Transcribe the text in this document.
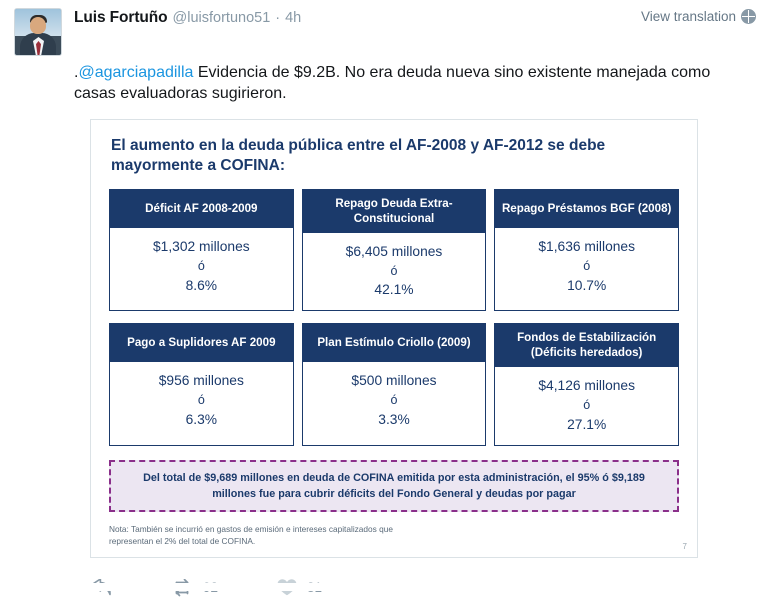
View translation
Luis Fortuño @luisfortuno51 · 4h
.@agarciapadilla Evidencia de $9.2B. No era deuda nueva sino existente manejada como casas evaluadoras sugirieron.
El aumento en la deuda pública entre el AF-2008 y AF-2012 se debe mayormente a COFINA:
Déficit AF 2008-2009
$1,302 millones
ó
8.6%
Repago Deuda Extra-Constitucional
$6,405 millones
ó
42.1%
Repago Préstamos BGF (2008)
$1,636 millones
ó
10.7%
Pago a Suplidores AF 2009
$956 millones
ó
6.3%
Plan Estímulo Criollo (2009)
$500 millones
ó
3.3%
Fondos de Estabilización (Déficits heredados)
$4,126 millones
ó
27.1%
Del total de $9,689 millones en deuda de COFINA emitida por esta administración, el 95% ó $9,189 millones fue para cubrir déficits del Fondo General y deudas por pagar
Nota: También se incurrió en gastos de emisión e intereses capitalizados que representan el 2% del total de COFINA.
7
